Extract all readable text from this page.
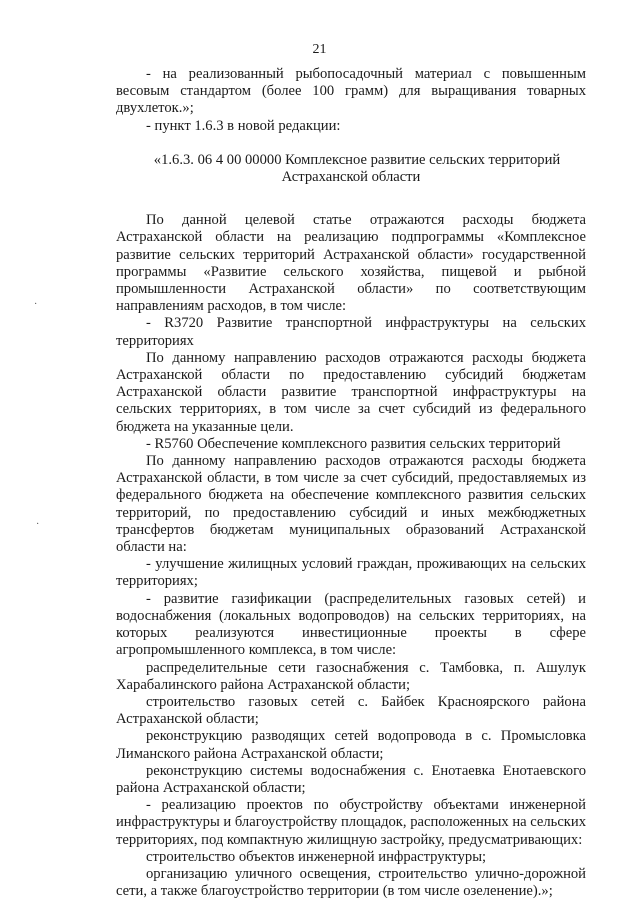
21
·
·

- на реализованный рыбопосадочный материал с повышенным весовым стандартом (более 100 грамм) для выращивания товарных двухлеток.»;

- пункт 1.6.3 в новой редакции:

«1.6.3. 06 4 00 00000 Комплексное развитие сельских территорий
Астраханской области

По данной целевой статье отражаются расходы бюджета Астраханской области на реализацию подпрограммы «Комплексное развитие сельских территорий Астраханской области» государственной программы «Развитие сельского хозяйства, пищевой и рыбной промышленности Астраханской области» по соответствующим направлениям расходов, в том числе:

- R3720 Развитие транспортной инфраструктуры на сельских территориях

По данному направлению расходов отражаются расходы бюджета Астраханской области по предоставлению субсидий бюджетам Астраханской области развитие транспортной инфраструктуры на сельских территориях, в том числе за счет субсидий из федерального бюджета на указанные цели.

- R5760 Обеспечение комплексного развития сельских территорий

По данному направлению расходов отражаются расходы бюджета Астраханской области, в том числе за счет субсидий, предоставляемых из федерального бюджета на обеспечение комплексного развития сельских территорий, по предоставлению субсидий и иных межбюджетных трансфертов бюджетам муниципальных образований Астраханской области на:

- улучшение жилищных условий граждан, проживающих на сельских территориях;

- развитие газификации (распределительных газовых сетей) и водоснабжения (локальных водопроводов) на сельских территориях, на которых реализуются инвестиционные проекты в сфере агропромышленного комплекса, в том числе:

распределительные сети газоснабжения с. Тамбовка, п. Ашулук Харабалинского района Астраханской области;

строительство газовых сетей с. Байбек Красноярского района Астраханской области;

реконструкцию разводящих сетей водопровода в с. Промысловка Лиманского района Астраханской области;

реконструкцию системы водоснабжения с. Енотаевка Енотаевского района Астраханской области;

- реализацию проектов по обустройству объектами инженерной инфраструктуры и благоустройству площадок, расположенных на сельских территориях, под компактную жилищную застройку, предусматривающих:

строительство объектов инженерной инфраструктуры;

организацию уличного освещения, строительство улично-дорожной сети, а также благоустройство территории (в том числе озеленение).»;
